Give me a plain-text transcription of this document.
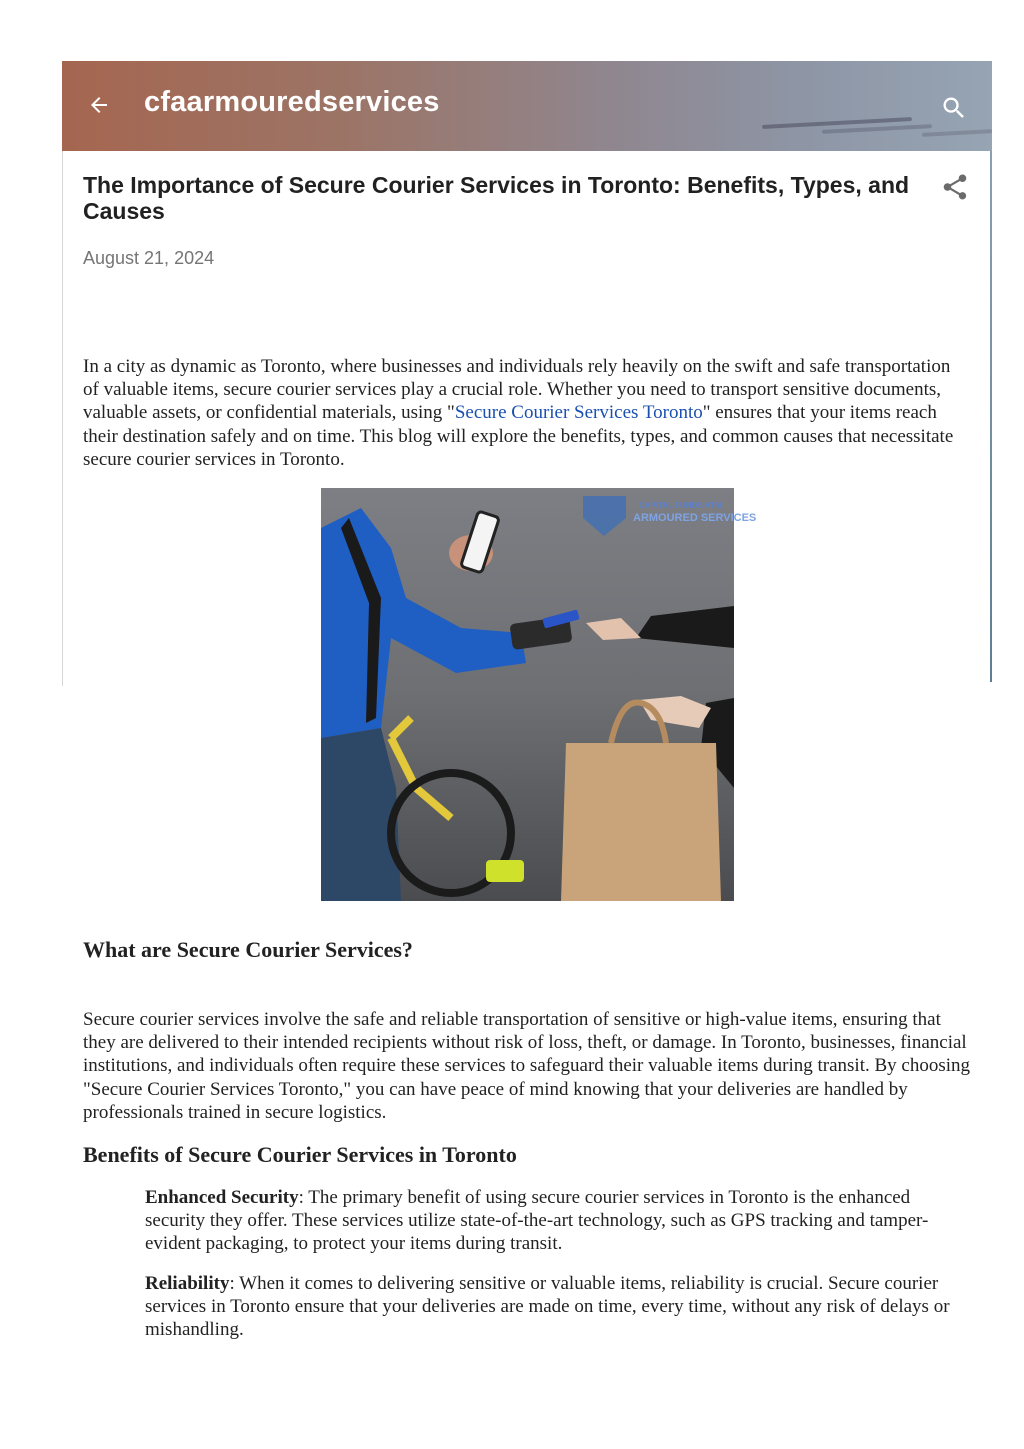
cfaarmouredservices
The Importance of Secure Courier Services in Toronto: Benefits, Types, and Causes
August 21, 2024

In a city as dynamic as Toronto, where businesses and individuals rely heavily on the swift and safe transportation of valuable items, secure courier services play a crucial role. Whether you need to transport sensitive documents, valuable assets, or confidential materials, using "Secure Courier Services Toronto" ensures that your items reach their destination safely and on time. This blog will explore the benefits, types, and common causes that necessitate secure courier services in Toronto.

CAPITAL FUNDS ATM
ARMOURED SERVICES
What are Secure Courier Services?

Secure courier services involve the safe and reliable transportation of sensitive or high-value items, ensuring that they are delivered to their intended recipients without risk of loss, theft, or damage. In Toronto, businesses, financial institutions, and individuals often require these services to safeguard their valuable items during transit. By choosing "Secure Courier Services Toronto," you can have peace of mind knowing that your deliveries are handled by professionals trained in secure logistics.

Benefits of Secure Courier Services in Toronto

Enhanced Security: The primary benefit of using secure courier services in Toronto is the enhanced security they offer. These services utilize state-of-the-art technology, such as GPS tracking and tamper-evident packaging, to protect your items during transit.

Reliability: When it comes to delivering sensitive or valuable items, reliability is crucial. Secure courier services in Toronto ensure that your deliveries are made on time, every time, without any risk of delays or mishandling.
